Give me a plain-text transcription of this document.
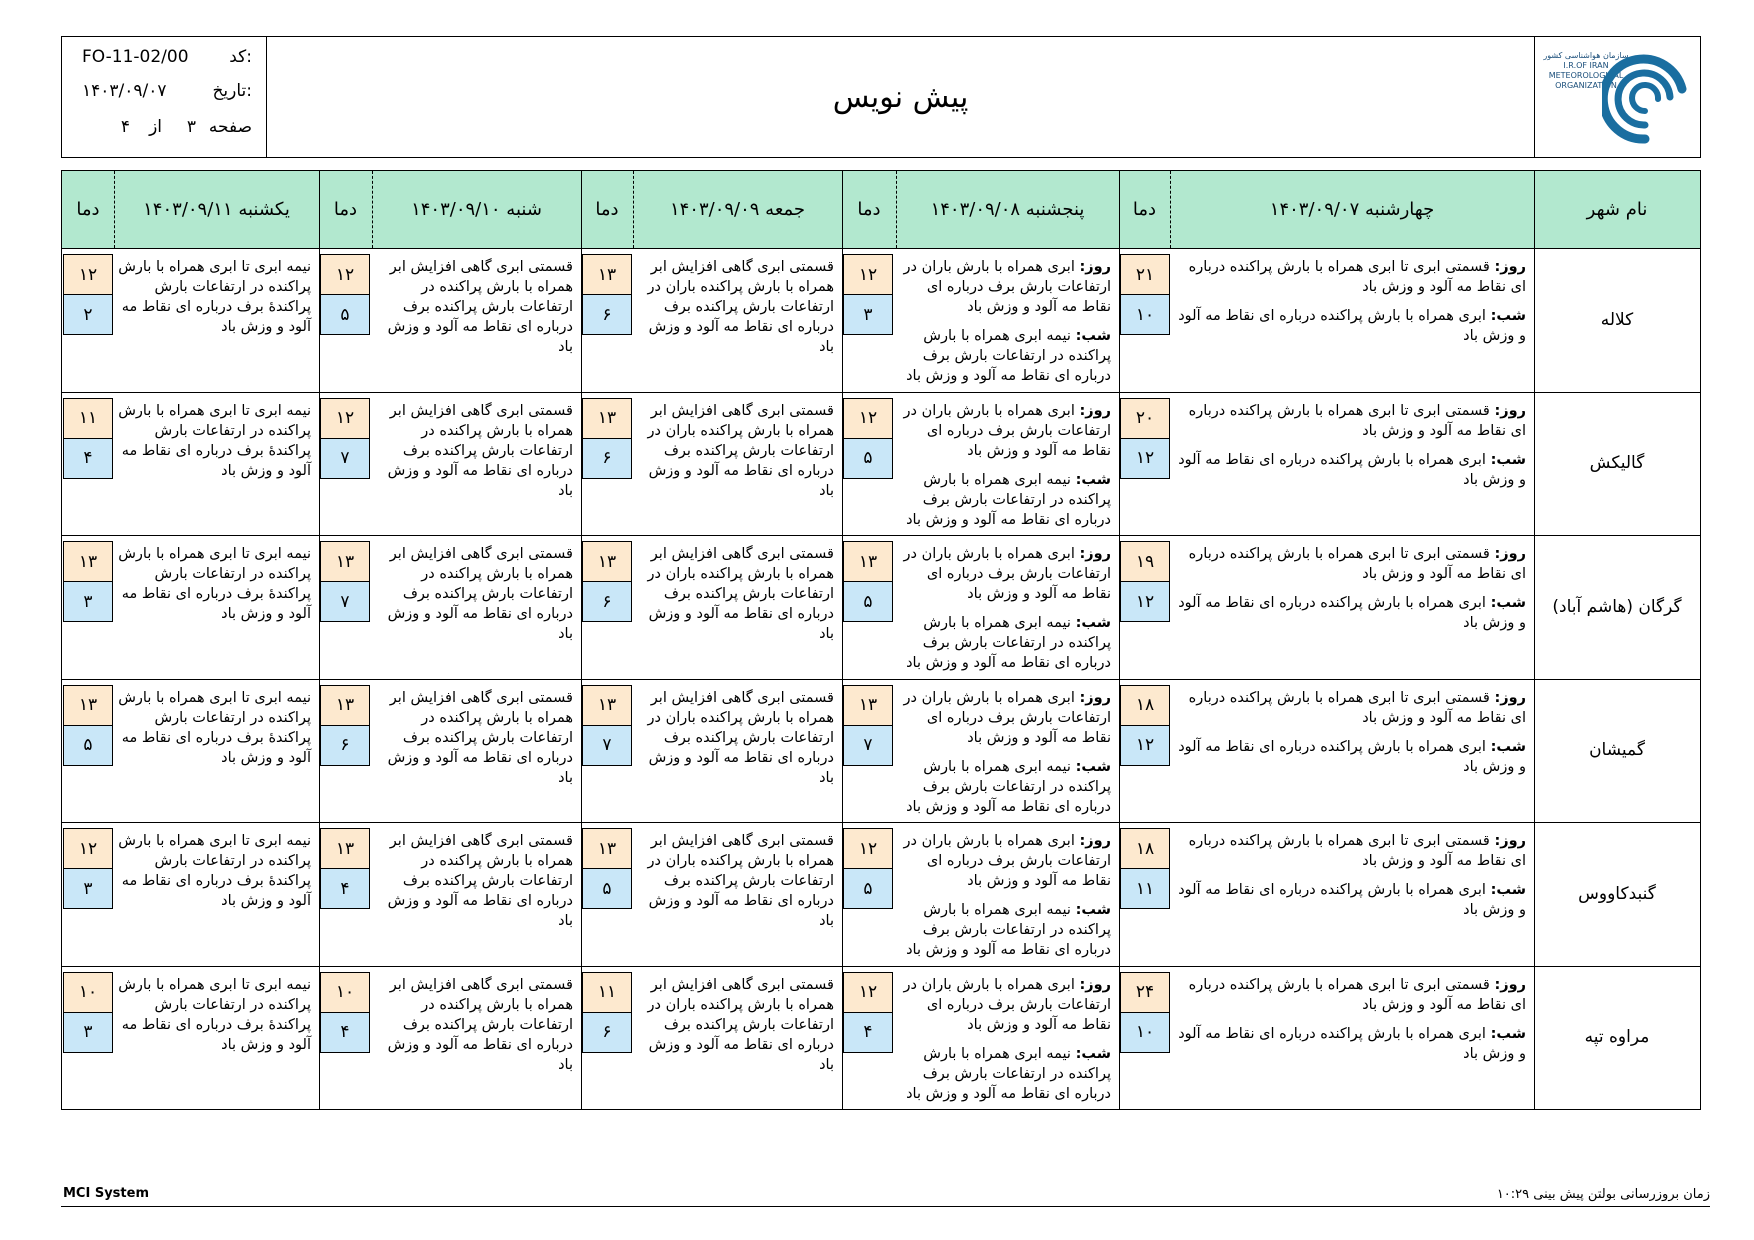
کد:
FO-11-02/00
تاریخ:
۱۴۰۳/۰۹/۰۷
صفحه
۳
از
۴
پیش نویس
سازمان هواشناسی کشور
I.R.OF IRAN
METEOROLOGICAL
ORGANIZATION
نام شهر
چهارشنبه ۱۴۰۳/۰۹/۰۷
دما
پنجشنبه ۱۴۰۳/۰۹/۰۸
دما
جمعه ۱۴۰۳/۰۹/۰۹
دما
شنبه ۱۴۰۳/۰۹/۱۰
دما
یکشنبه ۱۴۰۳/۰۹/۱۱
دما
کلاله

روز: قسمتی ابری تا ابری همراه با بارش پراکنده درباره ای نقاط مه آلود و وزش باد

شب: ابری همراه با بارش پراکنده درباره ای نقاط مه آلود و وزش باد

۲۱
۱۰

روز: ابری همراه با بارش باران در ارتفاعات بارش برف درباره ای نقاط مه آلود و وزش باد

شب: نیمه ابری همراه با بارش پراکنده در ارتفاعات بارش برف درباره ای نقاط مه آلود و وزش باد

۱۲
۳
قسمتی ابری گاهی افزایش ابر همراه با بارش پراکنده باران در ارتفاعات بارش پراکنده برف درباره ای نقاط مه آلود و وزش باد
۱۳
۶
قسمتی ابری گاهی افزایش ابر همراه با بارش پراکنده در ارتفاعات بارش پراکنده برف درباره ای نقاط مه آلود و وزش باد
۱۲
۵
نیمه ابری تا ابری همراه با بارش پراکنده در ارتفاعات بارش پراکندهٔ برف درباره ای نقاط مه آلود و وزش باد
۱۲
۲
گالیکش

روز: قسمتی ابری تا ابری همراه با بارش پراکنده درباره ای نقاط مه آلود و وزش باد

شب: ابری همراه با بارش پراکنده درباره ای نقاط مه آلود و وزش باد

۲۰
۱۲

روز: ابری همراه با بارش باران در ارتفاعات بارش برف درباره ای نقاط مه آلود و وزش باد

شب: نیمه ابری همراه با بارش پراکنده در ارتفاعات بارش برف درباره ای نقاط مه آلود و وزش باد

۱۲
۵
قسمتی ابری گاهی افزایش ابر همراه با بارش پراکنده باران در ارتفاعات بارش پراکنده برف درباره ای نقاط مه آلود و وزش باد
۱۳
۶
قسمتی ابری گاهی افزایش ابر همراه با بارش پراکنده در ارتفاعات بارش پراکنده برف درباره ای نقاط مه آلود و وزش باد
۱۲
۷
نیمه ابری تا ابری همراه با بارش پراکنده در ارتفاعات بارش پراکندهٔ برف درباره ای نقاط مه آلود و وزش باد
۱۱
۴
گرگان (هاشم آباد)

روز: قسمتی ابری تا ابری همراه با بارش پراکنده درباره ای نقاط مه آلود و وزش باد

شب: ابری همراه با بارش پراکنده درباره ای نقاط مه آلود و وزش باد

۱۹
۱۲

روز: ابری همراه با بارش باران در ارتفاعات بارش برف درباره ای نقاط مه آلود و وزش باد

شب: نیمه ابری همراه با بارش پراکنده در ارتفاعات بارش برف درباره ای نقاط مه آلود و وزش باد

۱۳
۵
قسمتی ابری گاهی افزایش ابر همراه با بارش پراکنده باران در ارتفاعات بارش پراکنده برف درباره ای نقاط مه آلود و وزش باد
۱۳
۶
قسمتی ابری گاهی افزایش ابر همراه با بارش پراکنده در ارتفاعات بارش پراکنده برف درباره ای نقاط مه آلود و وزش باد
۱۳
۷
نیمه ابری تا ابری همراه با بارش پراکنده در ارتفاعات بارش پراکندهٔ برف درباره ای نقاط مه آلود و وزش باد
۱۳
۳
گمیشان

روز: قسمتی ابری تا ابری همراه با بارش پراکنده درباره ای نقاط مه آلود و وزش باد

شب: ابری همراه با بارش پراکنده درباره ای نقاط مه آلود و وزش باد

۱۸
۱۲

روز: ابری همراه با بارش باران در ارتفاعات بارش برف درباره ای نقاط مه آلود و وزش باد

شب: نیمه ابری همراه با بارش پراکنده در ارتفاعات بارش برف درباره ای نقاط مه آلود و وزش باد

۱۳
۷
قسمتی ابری گاهی افزایش ابر همراه با بارش پراکنده باران در ارتفاعات بارش پراکنده برف درباره ای نقاط مه آلود و وزش باد
۱۳
۷
قسمتی ابری گاهی افزایش ابر همراه با بارش پراکنده در ارتفاعات بارش پراکنده برف درباره ای نقاط مه آلود و وزش باد
۱۳
۶
نیمه ابری تا ابری همراه با بارش پراکنده در ارتفاعات بارش پراکندهٔ برف درباره ای نقاط مه آلود و وزش باد
۱۳
۵
گنبدکاووس

روز: قسمتی ابری تا ابری همراه با بارش پراکنده درباره ای نقاط مه آلود و وزش باد

شب: ابری همراه با بارش پراکنده درباره ای نقاط مه آلود و وزش باد

۱۸
۱۱

روز: ابری همراه با بارش باران در ارتفاعات بارش برف درباره ای نقاط مه آلود و وزش باد

شب: نیمه ابری همراه با بارش پراکنده در ارتفاعات بارش برف درباره ای نقاط مه آلود و وزش باد

۱۲
۵
قسمتی ابری گاهی افزایش ابر همراه با بارش پراکنده باران در ارتفاعات بارش پراکنده برف درباره ای نقاط مه آلود و وزش باد
۱۳
۵
قسمتی ابری گاهی افزایش ابر همراه با بارش پراکنده در ارتفاعات بارش پراکنده برف درباره ای نقاط مه آلود و وزش باد
۱۳
۴
نیمه ابری تا ابری همراه با بارش پراکنده در ارتفاعات بارش پراکندهٔ برف درباره ای نقاط مه آلود و وزش باد
۱۲
۳
مراوه تپه

روز: قسمتی ابری تا ابری همراه با بارش پراکنده درباره ای نقاط مه آلود و وزش باد

شب: ابری همراه با بارش پراکنده درباره ای نقاط مه آلود و وزش باد

۲۴
۱۰

روز: ابری همراه با بارش باران در ارتفاعات بارش برف درباره ای نقاط مه آلود و وزش باد

شب: نیمه ابری همراه با بارش پراکنده در ارتفاعات بارش برف درباره ای نقاط مه آلود و وزش باد

۱۲
۴
قسمتی ابری گاهی افزایش ابر همراه با بارش پراکنده باران در ارتفاعات بارش پراکنده برف درباره ای نقاط مه آلود و وزش باد
۱۱
۶
قسمتی ابری گاهی افزایش ابر همراه با بارش پراکنده در ارتفاعات بارش پراکنده برف درباره ای نقاط مه آلود و وزش باد
۱۰
۴
نیمه ابری تا ابری همراه با بارش پراکنده در ارتفاعات بارش پراکندهٔ برف درباره ای نقاط مه آلود و وزش باد
۱۰
۳
MCI System	زمان بروزرسانی بولتن پیش بینی ۱۰:۲۹
